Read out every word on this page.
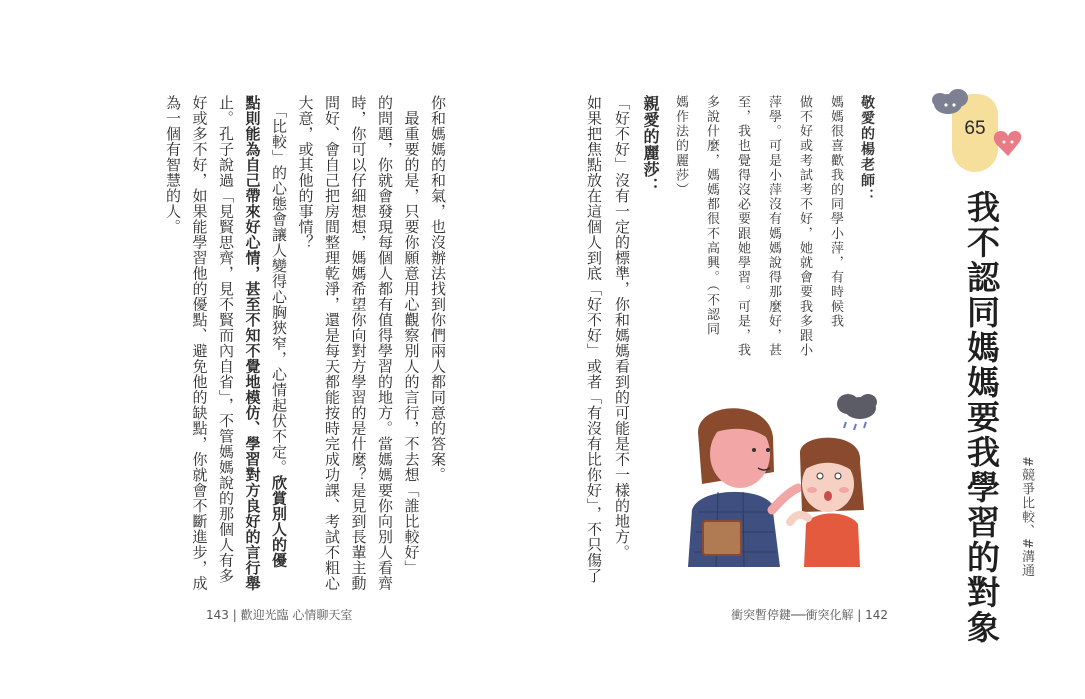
65
我不認同媽媽要我學習的對象	#競爭比較、#溝通
敬愛的楊老師：
媽媽很喜歡我的同學小萍，有時候我
做不好或考試考不好，她就會要我多跟小
萍學。可是小萍沒有媽媽說得那麼好，甚
至，我也覺得沒必要跟她學習。可是，我
多說什麼，媽媽都很不高興。（不認同
媽作法的麗莎）
親愛的麗莎：
「好不好」沒有一定的標準，你和媽媽看到的可能是不一樣的地方。
如果把焦點放在這個人到底「好不好」或者「有沒有比你好」，不只傷了
你和媽媽的和氣，也沒辦法找到你們兩人都同意的答案。
　最重要的是，只要你願意用心觀察別人的言行，不去想「誰比較好」
的問題，你就會發現每個人都有值得學習的地方。當媽媽要你向別人看齊
時，你可以仔細想想，媽媽希望你向對方學習的是什麼？是見到長輩主動
問好、會自己把房間整理乾淨，還是每天都能按時完成功課、考試不粗心
大意，或其他的事情？
　「比較」的心態會讓人變得心胸狹窄，心情起伏不定。欣賞別人的優
點則能為自己帶來好心情，甚至不知不覺地模仿、學習對方良好的言行舉
止。孔子說過「見賢思齊，見不賢而內自省」，不管媽媽說的那個人有多
好或多不好，如果能學習他的優點、避免他的缺點，你就會不斷進步，成
為一個有智慧的人。
143 | 歡迎光臨 心情聊天室	衝突暫停鍵──衝突化解 | 142
